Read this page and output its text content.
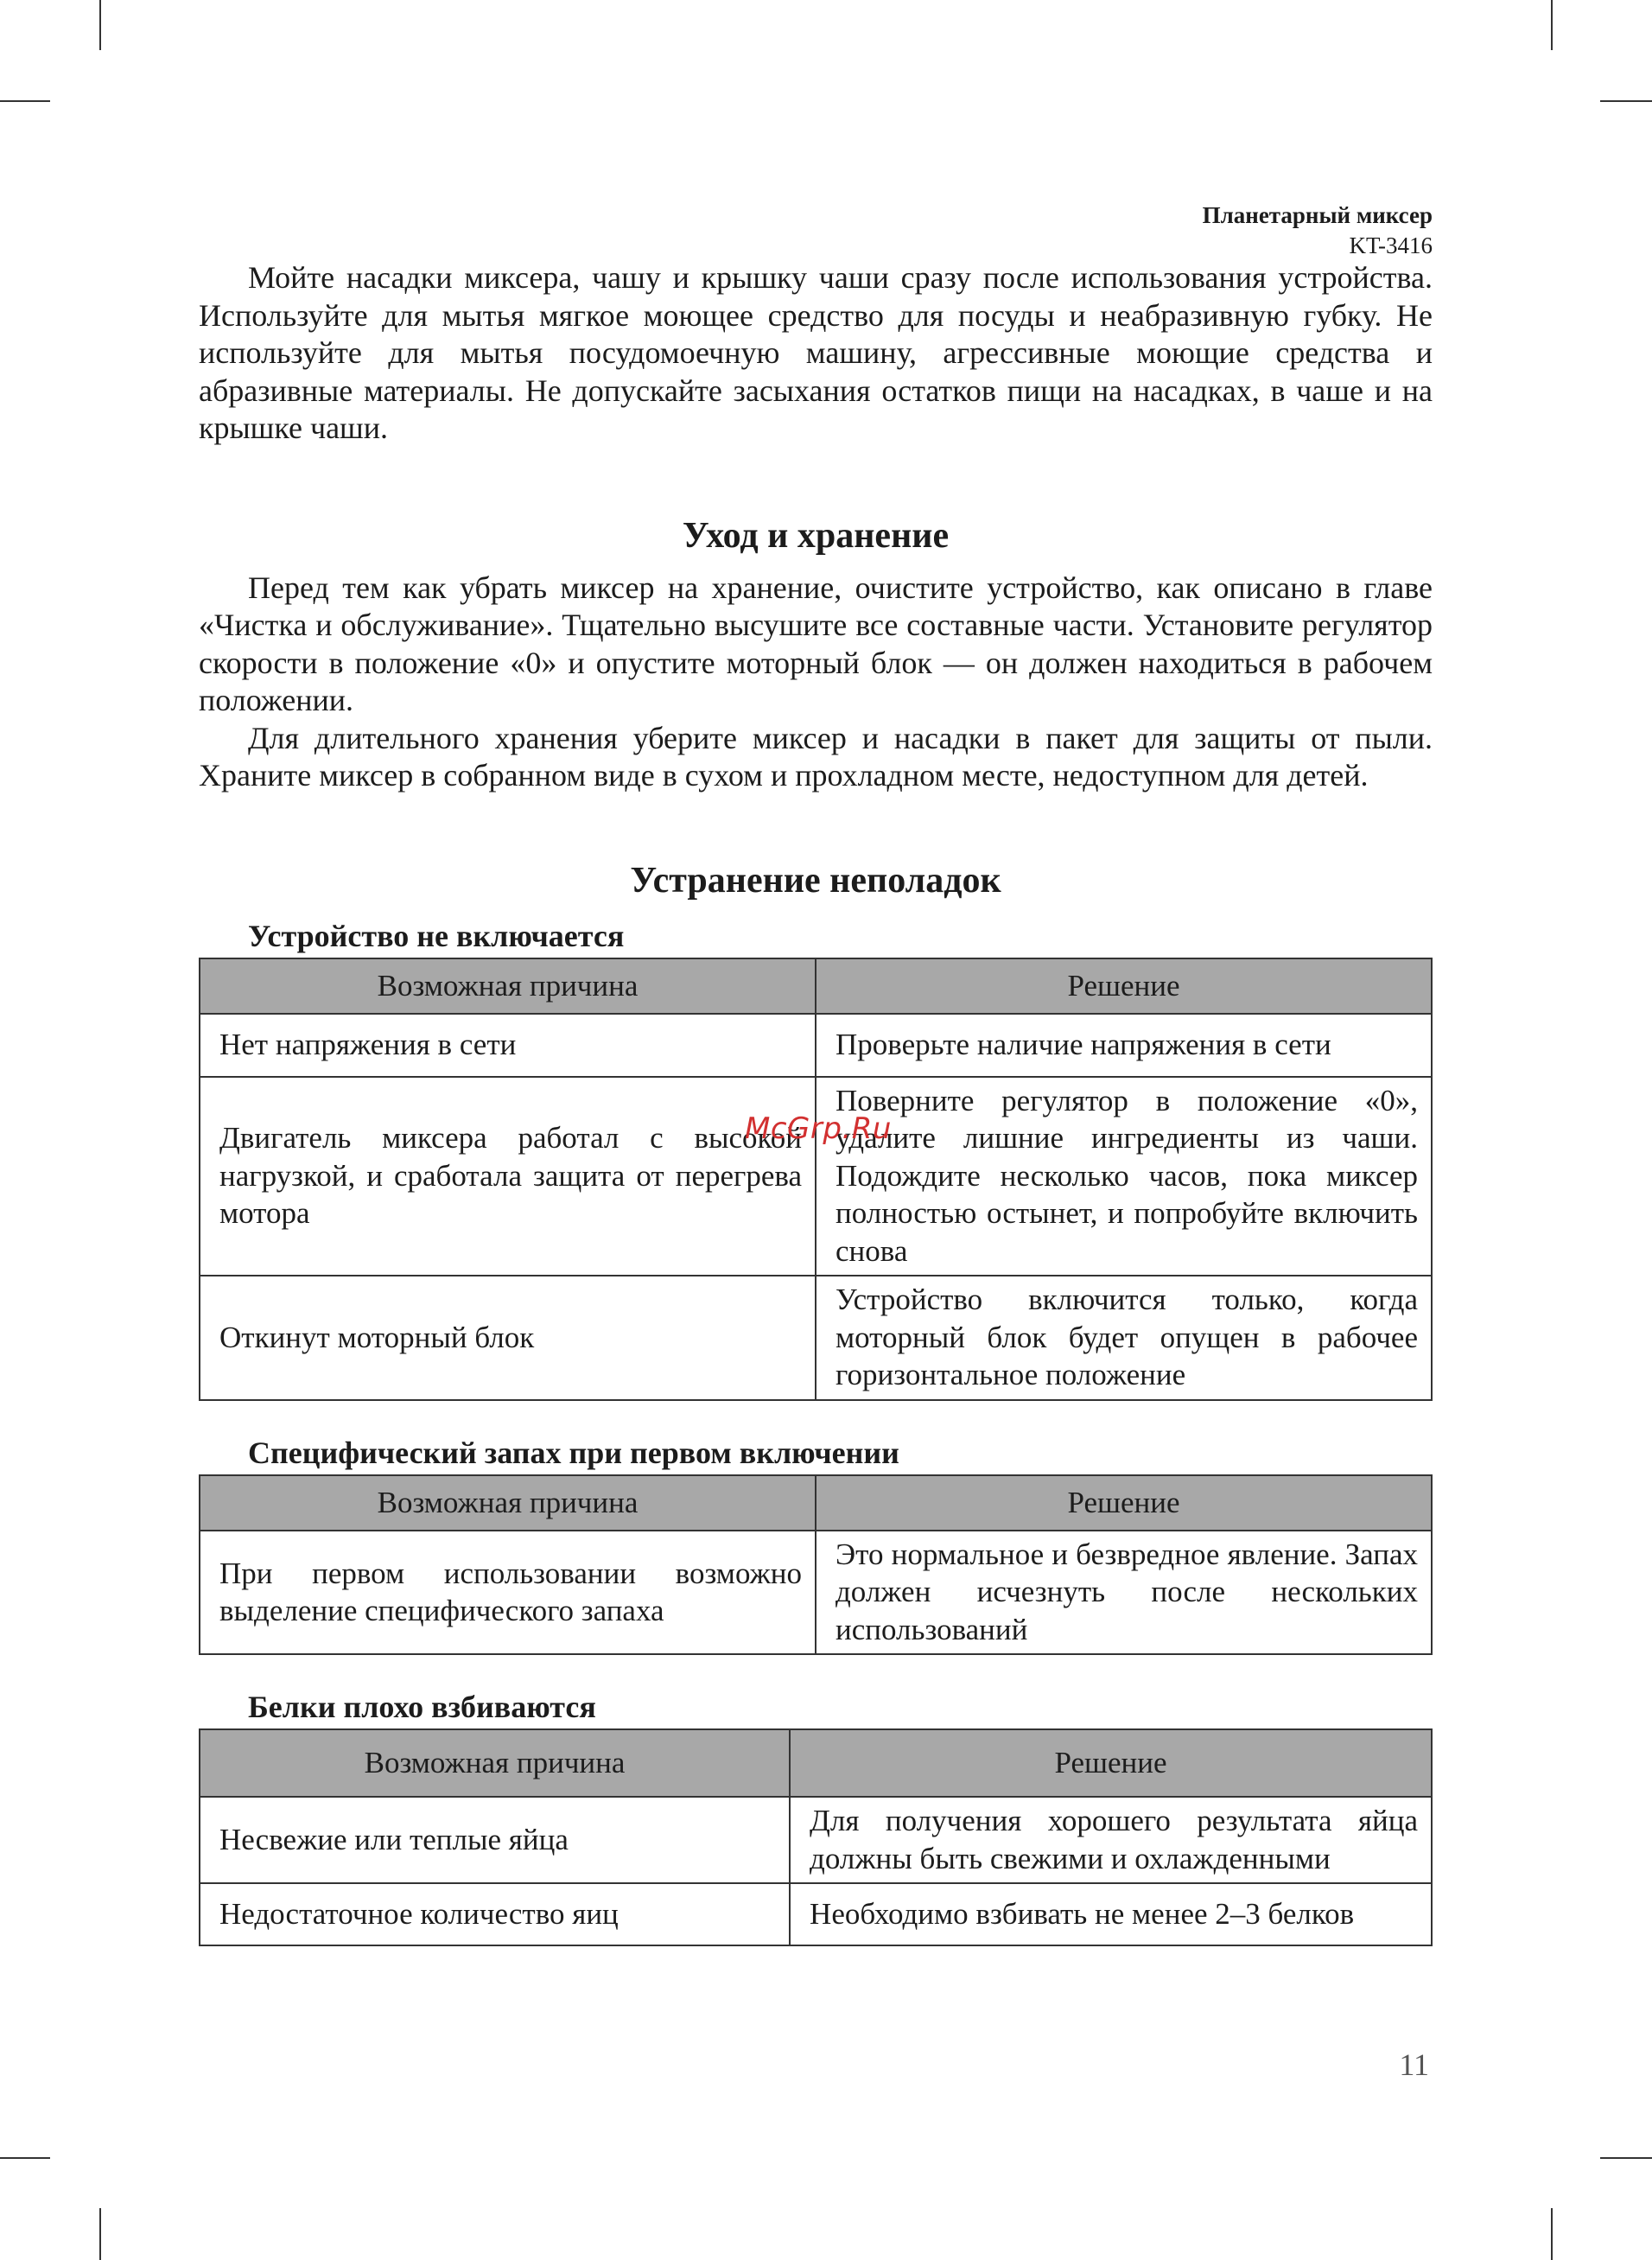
Планетарный миксер
KT-3416

Мойте насадки миксера, чашу и крышку чаши сразу после использования устройства. Используйте для мытья мягкое моющее средство для посуды и неабразивную губку. Не используйте для мытья посудомоечную машину, агрессивные моющие средства и абразивные материалы. Не допускайте засыхания остатков пищи на насадках, в чаше и на крышке чаши.

Уход и хранение

Перед тем как убрать миксер на хранение, очистите устройство, как описано в главе «Чистка и обслуживание». Тщательно высушите все составные части. Установите регулятор скорости в положение «0» и опустите моторный блок — он должен находиться в рабочем положении.

Для длительного хранения уберите миксер и насадки в пакет для защиты от пыли. Храните миксер в собранном виде в сухом и прохладном месте, недоступном для детей.

Устранение неполадок
Устройство не включается
Возможная причина	Решение
Нет напряжения в сети	Проверьте наличие напряжения в сети
Двигатель миксера работал с высокой нагрузкой, и сработала защита от перегрева мотора	Поверните регулятор в положение «0», удалите лишние ингредиенты из чаши. Подождите несколько часов, пока миксер полностью остынет, и попробуйте включить снова
Откинут моторный блок	Устройство включится только, когда моторный блок будет опущен в рабочее горизонтальное положение
Специфический запах при первом включении
Возможная причина	Решение
При первом использовании возможно выделение специфического запаха	Это нормальное и безвредное явление. Запах должен исчезнуть после нескольких использований
Белки плохо взбиваются
Возможная причина	Решение
Несвежие или теплые яйца	Для получения хорошего результата яйца должны быть свежими и охлажденными
Недостаточное количество яиц	Необходимо взбивать не менее 2–3 белков
McGrp.Ru
11
